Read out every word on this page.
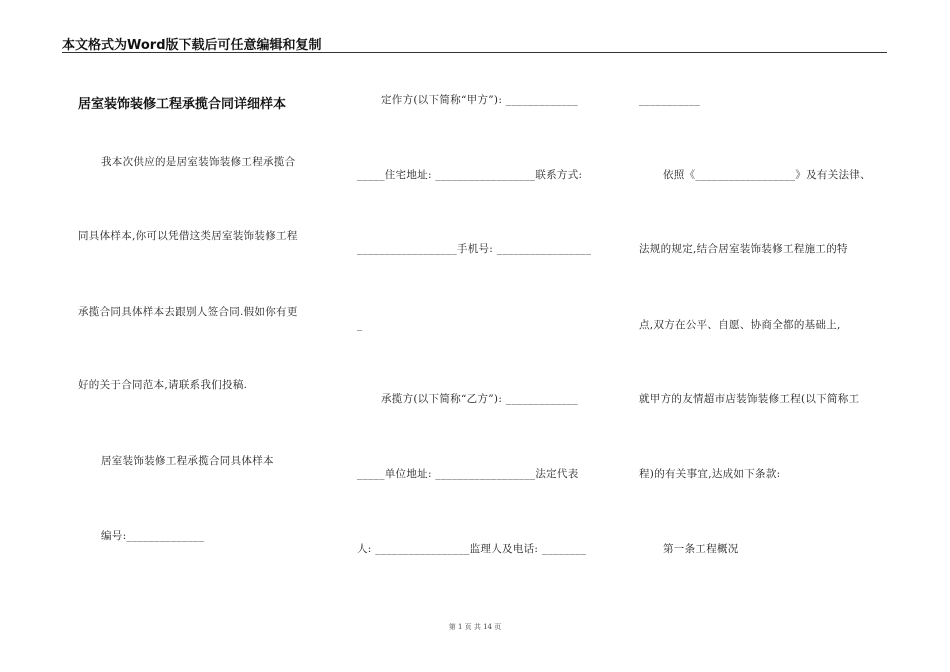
本文格式为Word版下载后可任意编辑和复制
居室装饰装修工程承揽合同详细样本
我本次供应的是居室装饰装修工程承揽合
同具体样本,你可以凭借这类居室装饰装修工程
承揽合同具体样本去跟别人签合同.假如你有更
好的关于合同范本,请联系我们投稿.
居室装饰装修工程承揽合同具体样本
编号:______________
定作方(以下简称“甲方”): _____________
_____住宅地址: __________________联系方式:
__________________手机号: _________________
_
承揽方(以下简称“乙方”): _____________
_____单位地址: __________________法定代表
人: _________________监理人及电话: ________
___________
依照《__________________》及有关法律、
法规的规定,结合居室装饰装修工程施工的特
点,双方在公平、自愿、协商全都的基础上,
就甲方的友情超市店装饰装修工程(以下简称工
程)的有关事宜,达成如下条款:
第一条工程概况
第 1 页 共 14 页
